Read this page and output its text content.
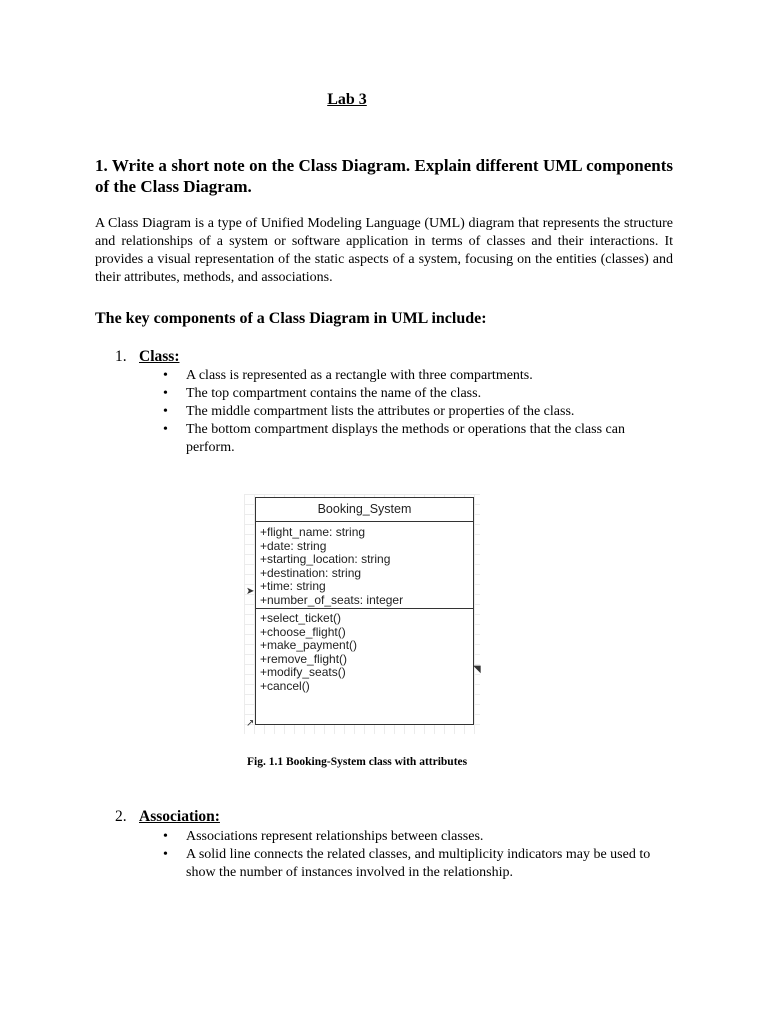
Lab 3

1. Write a short note on the Class Diagram. Explain different UML components of the Class Diagram.

A Class Diagram is a type of Unified Modeling Language (UML) diagram that represents the structure and relationships of a system or software application in terms of classes and their interactions. It provides a visual representation of the static aspects of a system, focusing on the entities (classes) and their attributes, methods, and associations.

The key components of a Class Diagram in UML include:

1. Class:

• A class is represented as a rectangle with three compartments.
• The top compartment contains the name of the class.
• The middle compartment lists the attributes or properties of the class.
• The bottom compartment displays the methods or operations that the class can perform.
Booking_System
+flight_name: string
+date: string
+starting_location: string
+destination: string
+time: string
+number_of_seats: integer
+select_ticket()
+choose_flight()
+make_payment()
+remove_flight()
+modify_seats()
+cancel()
➤
◥
↗

Fig. 1.1 Booking-System class with attributes

2. Association:

• Associations represent relationships between classes.
• A solid line connects the related classes, and multiplicity indicators may be used to show the number of instances involved in the relationship.
